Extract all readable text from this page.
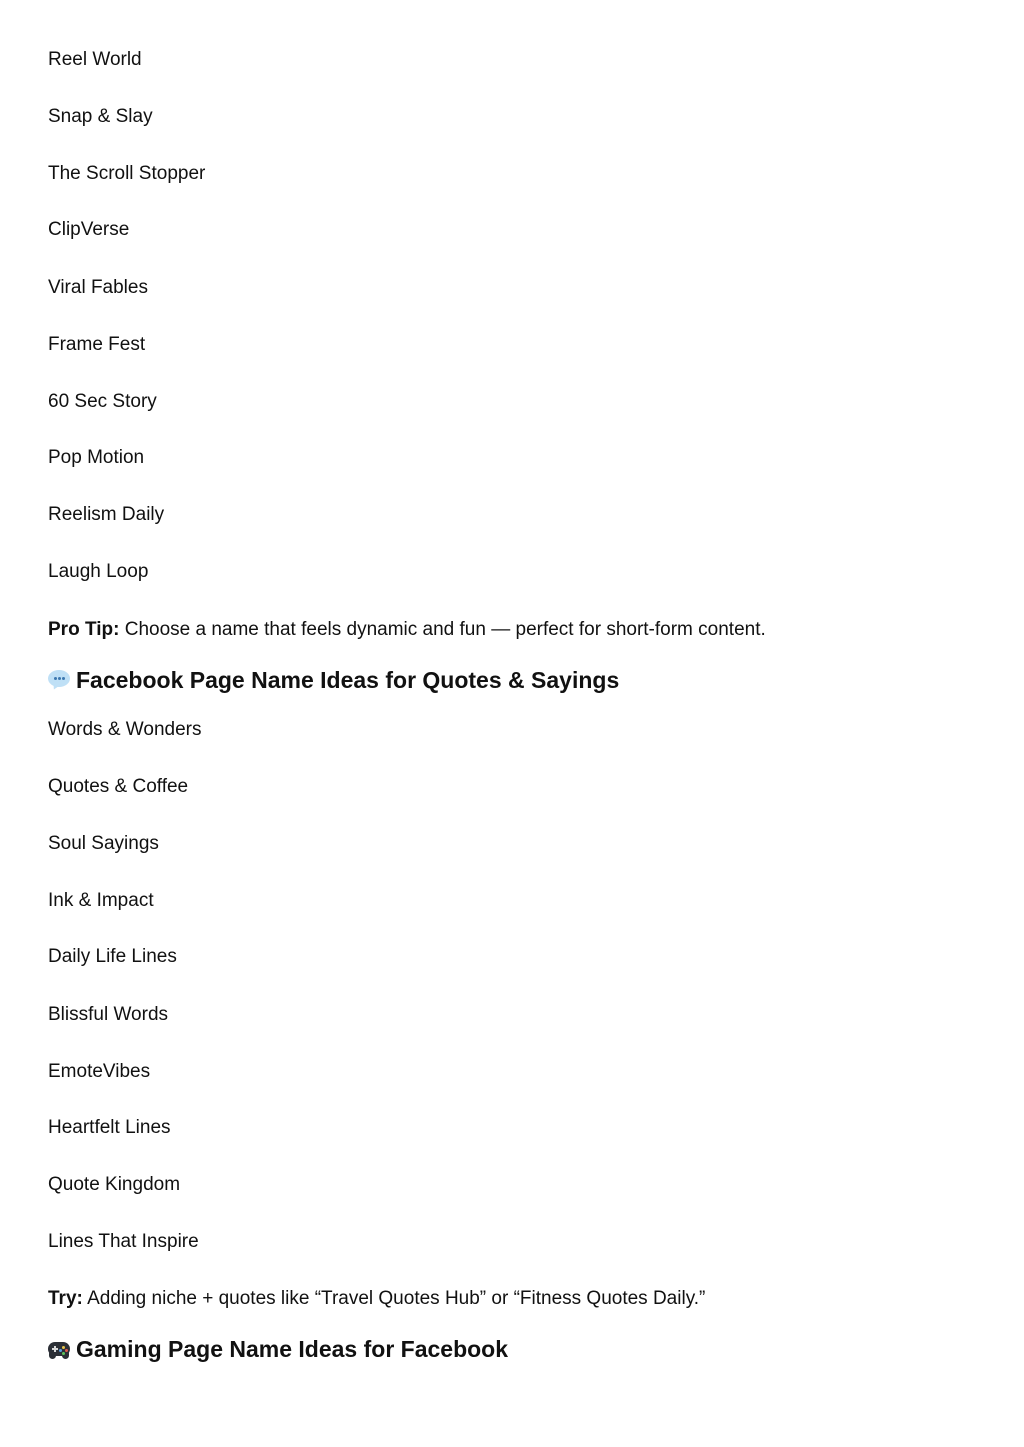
Reel World
Snap & Slay
The Scroll Stopper
ClipVerse
Viral Fables
Frame Fest
60 Sec Story
Pop Motion
Reelism Daily
Laugh Loop
Pro Tip: Choose a name that feels dynamic and fun — perfect for short-form content.
Facebook Page Name Ideas for Quotes & Sayings
Words & Wonders
Quotes & Coffee
Soul Sayings
Ink & Impact
Daily Life Lines
Blissful Words
EmoteVibes
Heartfelt Lines
Quote Kingdom
Lines That Inspire
Try: Adding niche + quotes like “Travel Quotes Hub” or “Fitness Quotes Daily.”
Gaming Page Name Ideas for Facebook
